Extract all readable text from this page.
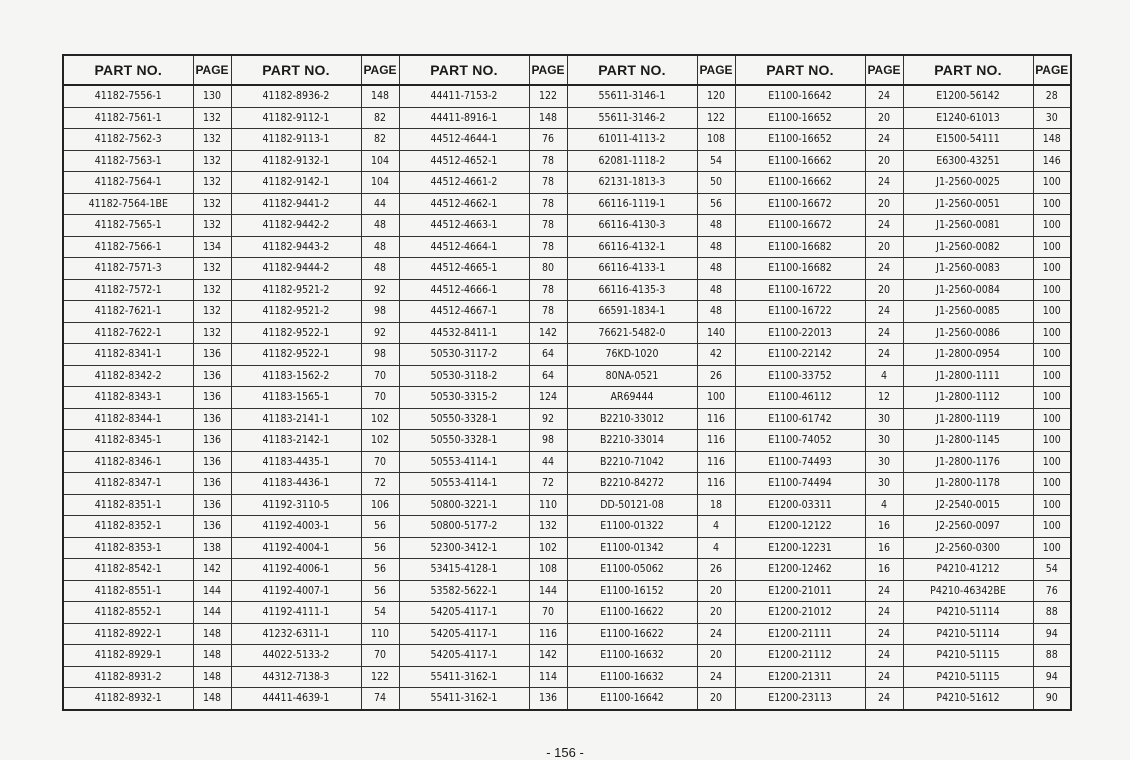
PART NO.	PAGE	PART NO.	PAGE	PART NO.	PAGE	PART NO.	PAGE	PART NO.	PAGE	PART NO.	PAGE
41182-7556-1	130	41182-8936-2	148	44411-7153-2	122	55611-3146-1	120	E1100-16642	24	E1200-56142	28
41182-7561-1	132	41182-9112-1	82	44411-8916-1	148	55611-3146-2	122	E1100-16652	20	E1240-61013	30
41182-7562-3	132	41182-9113-1	82	44512-4644-1	76	61011-4113-2	108	E1100-16652	24	E1500-54111	148
41182-7563-1	132	41182-9132-1	104	44512-4652-1	78	62081-1118-2	54	E1100-16662	20	E6300-43251	146
41182-7564-1	132	41182-9142-1	104	44512-4661-2	78	62131-1813-3	50	E1100-16662	24	J1-2560-0025	100
41182-7564-1BE	132	41182-9441-2	44	44512-4662-1	78	66116-1119-1	56	E1100-16672	20	J1-2560-0051	100
41182-7565-1	132	41182-9442-2	48	44512-4663-1	78	66116-4130-3	48	E1100-16672	24	J1-2560-0081	100
41182-7566-1	134	41182-9443-2	48	44512-4664-1	78	66116-4132-1	48	E1100-16682	20	J1-2560-0082	100
41182-7571-3	132	41182-9444-2	48	44512-4665-1	80	66116-4133-1	48	E1100-16682	24	J1-2560-0083	100
41182-7572-1	132	41182-9521-2	92	44512-4666-1	78	66116-4135-3	48	E1100-16722	20	J1-2560-0084	100
41182-7621-1	132	41182-9521-2	98	44512-4667-1	78	66591-1834-1	48	E1100-16722	24	J1-2560-0085	100
41182-7622-1	132	41182-9522-1	92	44532-8411-1	142	76621-5482-0	140	E1100-22013	24	J1-2560-0086	100
41182-8341-1	136	41182-9522-1	98	50530-3117-2	64	76KD-1020	42	E1100-22142	24	J1-2800-0954	100
41182-8342-2	136	41183-1562-2	70	50530-3118-2	64	80NA-0521	26	E1100-33752	4	J1-2800-1111	100
41182-8343-1	136	41183-1565-1	70	50530-3315-2	124	AR69444	100	E1100-46112	12	J1-2800-1112	100
41182-8344-1	136	41183-2141-1	102	50550-3328-1	92	B2210-33012	116	E1100-61742	30	J1-2800-1119	100
41182-8345-1	136	41183-2142-1	102	50550-3328-1	98	B2210-33014	116	E1100-74052	30	J1-2800-1145	100
41182-8346-1	136	41183-4435-1	70	50553-4114-1	44	B2210-71042	116	E1100-74493	30	J1-2800-1176	100
41182-8347-1	136	41183-4436-1	72	50553-4114-1	72	B2210-84272	116	E1100-74494	30	J1-2800-1178	100
41182-8351-1	136	41192-3110-5	106	50800-3221-1	110	DD-50121-08	18	E1200-03311	4	J2-2540-0015	100
41182-8352-1	136	41192-4003-1	56	50800-5177-2	132	E1100-01322	4	E1200-12122	16	J2-2560-0097	100
41182-8353-1	138	41192-4004-1	56	52300-3412-1	102	E1100-01342	4	E1200-12231	16	J2-2560-0300	100
41182-8542-1	142	41192-4006-1	56	53415-4128-1	108	E1100-05062	26	E1200-12462	16	P4210-41212	54
41182-8551-1	144	41192-4007-1	56	53582-5622-1	144	E1100-16152	20	E1200-21011	24	P4210-46342BE	76
41182-8552-1	144	41192-4111-1	54	54205-4117-1	70	E1100-16622	20	E1200-21012	24	P4210-51114	88
41182-8922-1	148	41232-6311-1	110	54205-4117-1	116	E1100-16622	24	E1200-21111	24	P4210-51114	94
41182-8929-1	148	44022-5133-2	70	54205-4117-1	142	E1100-16632	20	E1200-21112	24	P4210-51115	88
41182-8931-2	148	44312-7138-3	122	55411-3162-1	114	E1100-16632	24	E1200-21311	24	P4210-51115	94
41182-8932-1	148	44411-4639-1	74	55411-3162-1	136	E1100-16642	20	E1200-23113	24	P4210-51612	90
- 156 -
